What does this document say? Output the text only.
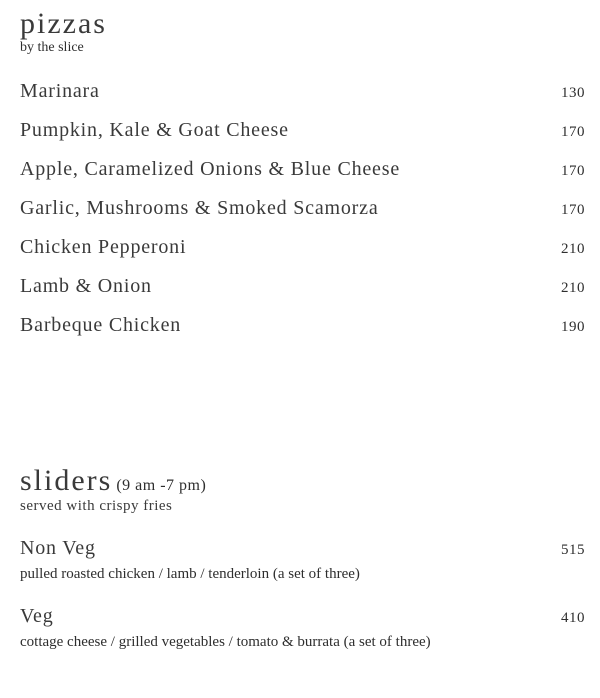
pizzas
by the slice
Marinara	130
Pumpkin, Kale & Goat Cheese	170
Apple, Caramelized Onions & Blue Cheese	170
Garlic, Mushrooms & Smoked Scamorza	170
Chicken Pepperoni	210
Lamb & Onion	210
Barbeque Chicken	190
sliders (9 am -7 pm)
served with crispy fries
Non Veg	515
pulled roasted chicken / lamb / tenderloin (a set of three)
Veg	410
cottage cheese / grilled vegetables / tomato & burrata (a set of three)
